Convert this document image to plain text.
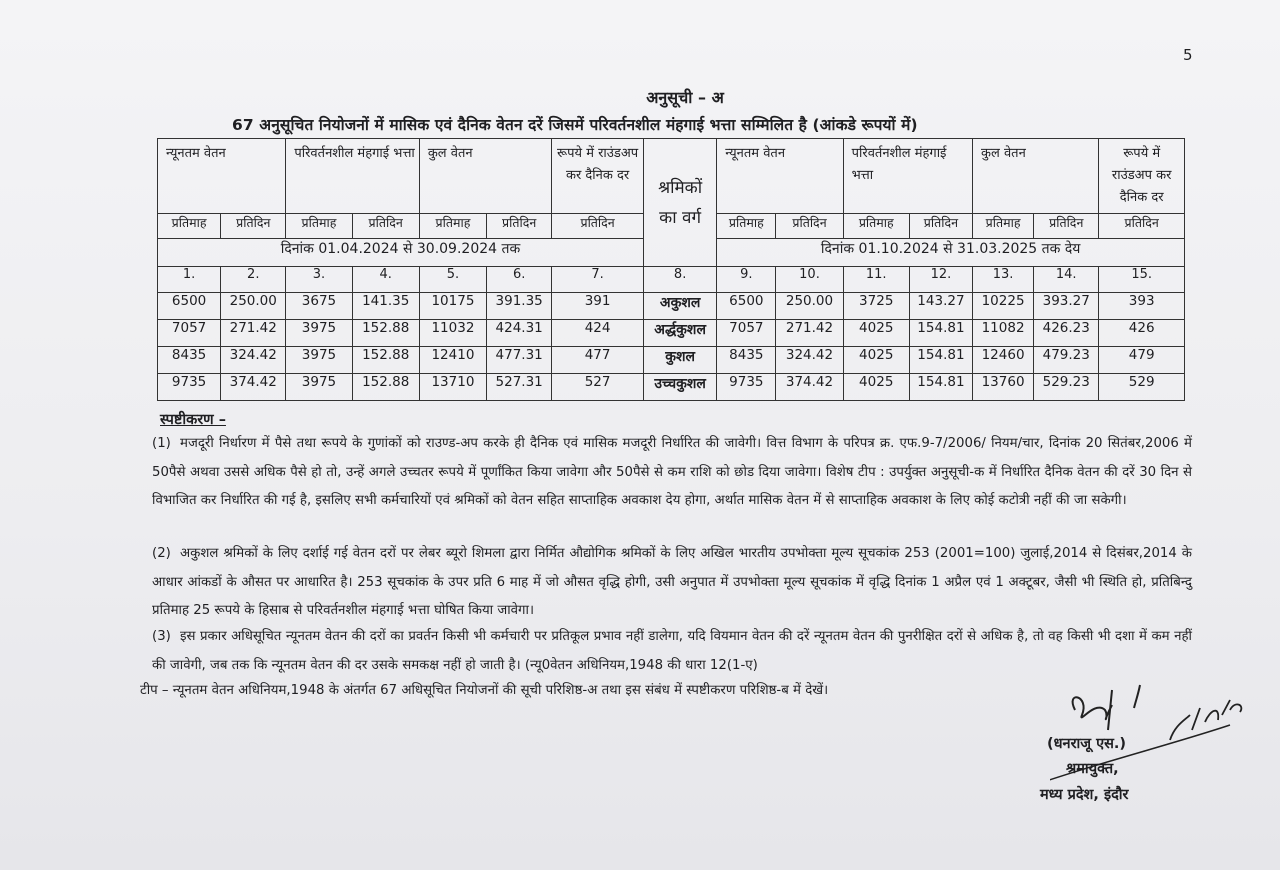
5
अनुसूची – अ
67 अनुसूचित नियोजनों में मासिक एवं दैनिक वेतन दरें जिसमें परिवर्तनशील मंहगाई भत्ता सम्मिलित है (आंकडे रूपयों में)
न्यूनतम वेतन		परिवर्तनशील मंहगाई भत्ता		कुल वेतन		रूपये में राउंडअप कर दैनिक दर	श्रमिकों का वर्ग	न्यूनतम वेतन		परिवर्तनशील मंहगाई भत्ता		कुल वेतन		रूपये में राउंडअप कर दैनिक दर
प्रतिमाह	प्रतिदिन	प्रतिमाह	प्रतिदिन	प्रतिमाह	प्रतिदिन	प्रतिदिन		प्रतिमाह	प्रतिदिन	प्रतिमाह	प्रतिदिन	प्रतिमाह	प्रतिदिन	प्रतिदिन
दिनांक 01.04.2024 से 30.09.2024 तक								दिनांक 01.10.2024 से 31.03.2025 तक देय						
1.	2.	3.	4.	5.	6.	7.	8.	9.	10.	11.	12.	13.	14.	15.
6500	250.00	3675	141.35	10175	391.35	391	अकुशल	6500	250.00	3725	143.27	10225	393.27	393
7057	271.42	3975	152.88	11032	424.31	424	अर्द्धकुशल	7057	271.42	4025	154.81	11082	426.23	426
8435	324.42	3975	152.88	12410	477.31	477	कुशल	8435	324.42	4025	154.81	12460	479.23	479
9735	374.42	3975	152.88	13710	527.31	527	उच्चकुशल	9735	374.42	4025	154.81	13760	529.23	529
स्पष्टीकरण –
(1) मजदूरी निर्धारण में पैसे तथा रूपये के गुणांकों को राउण्ड-अप करके ही दैनिक एवं मासिक मजदूरी निर्धारित की जावेगी। वित्त विभाग के परिपत्र क्र. एफ.9-7/2006/ नियम/चार, दिनांक 20 सितंबर,2006 में 50पैसे अथवा उससे अधिक पैसे हो तो, उन्हें अगले उच्चतर रूपये में पूर्णांकित किया जावेगा और 50पैसे से कम राशि को छोड दिया जावेगा। विशेष टीप : उपर्युक्त अनुसूची-क में निर्धारित दैनिक वेतन की दरें 30 दिन से विभाजित कर निर्धारित की गई है, इसलिए सभी कर्मचारियों एवं श्रमिकों को वेतन सहित साप्ताहिक अवकाश देय होगा, अर्थात मासिक वेतन में से साप्ताहिक अवकाश के लिए कोई कटोत्री नहीं की जा सकेगी।
(2) अकुशल श्रमिकों के लिए दर्शाई गई वेतन दरों पर लेबर ब्यूरो शिमला द्वारा निर्मित औद्योगिक श्रमिकों के लिए अखिल भारतीय उपभोक्ता मूल्य सूचकांक 253 (2001=100) जुलाई,2014 से दिसंबर,2014 के आधार आंकडों के औसत पर आधारित है। 253 सूचकांक के उपर प्रति 6 माह में जो औसत वृद्धि होगी, उसी अनुपात में उपभोक्ता मूल्य सूचकांक में वृद्धि दिनांक 1 अप्रैल एवं 1 अक्टूबर, जैसी भी स्थिति हो, प्रतिबिन्दु प्रतिमाह 25 रूपये के हिसाब से परिवर्तनशील मंहगाई भत्ता घोषित किया जावेगा।
(3) इस प्रकार अधिसूचित न्यूनतम वेतन की दरों का प्रवर्तन किसी भी कर्मचारी पर प्रतिकूल प्रभाव नहीं डालेगा, यदि वियमान वेतन की दरें न्यूनतम वेतन की पुनरीक्षित दरों से अधिक है, तो वह किसी भी दशा में कम नहीं की जावेगी, जब तक कि न्यूनतम वेतन की दर उसके समकक्ष नहीं हो जाती है। (न्यू0वेतन अधिनियम,1948 की धारा 12(1-ए)
टीप – न्यूनतम वेतन अधिनियम,1948 के अंतर्गत 67 अधिसूचित नियोजनों की सूची परिशिष्ठ-अ तथा इस संबंध में स्पष्टीकरण परिशिष्ठ-ब में देखें।
(धनराजू एस.)
श्रमायुक्त,
मध्य प्रदेश, इंदौर
